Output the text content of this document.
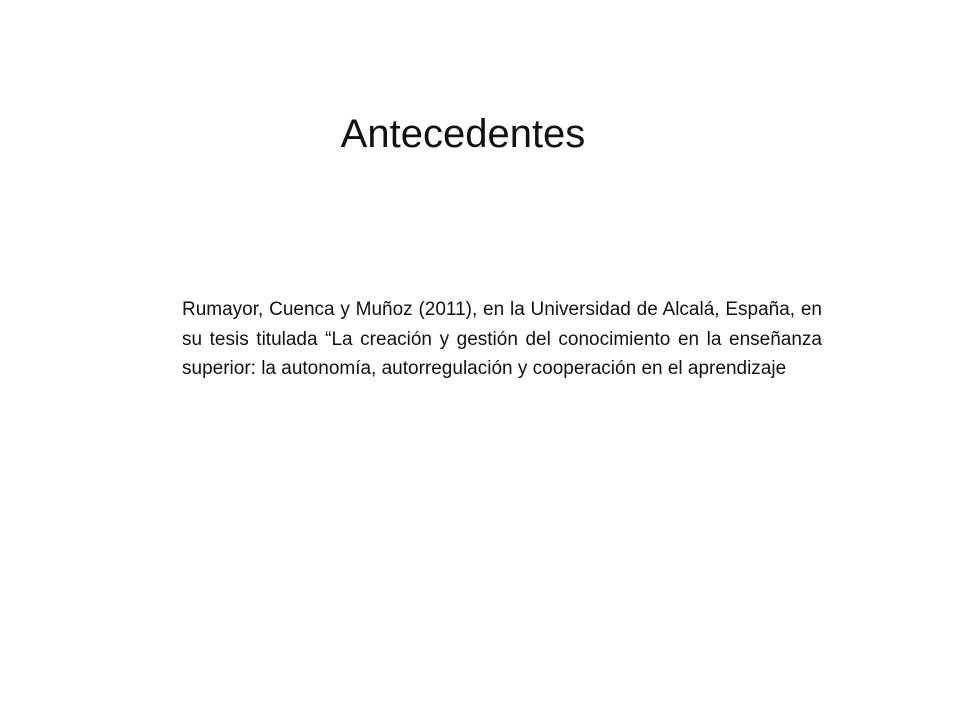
Antecedentes

Rumayor, Cuenca y Muñoz (2011), en la Universidad de Alcalá, España, en su tesis titulada “La creación y gestión del conocimiento en la enseñanza superior: la autonomía, autorregulación y cooperación en el aprendizaje
